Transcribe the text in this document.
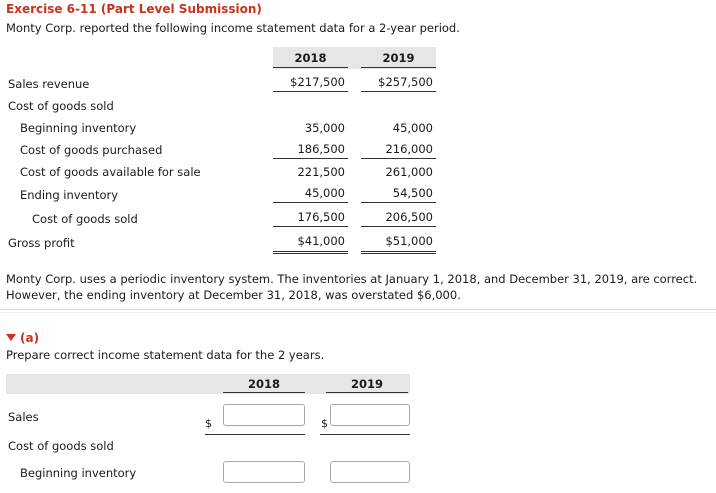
Exercise 6-11 (Part Level Submission)
Monty Corp. reported the following income statement data for a 2-year period.
2018	2019
Sales revenue	$217,500	$257,500
Cost of goods sold
Beginning inventory	35,000	45,000
Cost of goods purchased	186,500	216,000
Cost of goods available for sale	221,500	261,000
Ending inventory	45,000	54,500
Cost of goods sold	176,500	206,500
Gross profit	$41,000	$51,000
Monty Corp. uses a periodic inventory system. The inventories at January 1, 2018, and December 31, 2019, are correct. However, the ending inventory at December 31, 2018, was overstated $6,000.
(a)
Prepare correct income statement data for the 2 years.
2018	2019
Sales	$	$
Cost of goods sold
Beginning inventory
